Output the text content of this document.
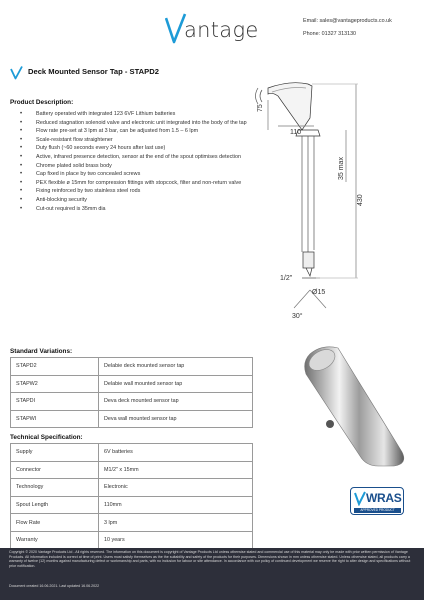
antage	Email: sales@vantageproducts.co.uk
Phone: 01327 313130
Deck Mounted Sensor Tap - STAPD2
Product Description:
• Battery operated with integrated 123 6VF Lithium batteries
• Reduced stagnation solenoid valve and electronic unit integrated into the body of the tap
• Flow rate pre-set at 3 lpm at 3 bar, can be adjusted from 1.5 – 6 lpm
• Scale-resistant flow straightener
• Duty flush (~60 seconds every 24 hours after last use)
• Active, infrared presence detection, sensor at the end of the spout optimises detection
• Chrome plated solid brass body
• Cap fixed in place by two concealed screws
• PEX flexible ø 15mm for compression fittings with stopcock, filter and non-return valve
• Fixing reinforced by two stainless steel rods
• Anti-blocking security
• Cut-out required is 35mm dia
75
110
35 max
430
1/2"
Ø15
30°
Standard Variations:
STAPD2	Delabie deck mounted sensor tap
STAPW2	Delabie wall mounted sensor tap
STAPDI	Deva deck mounted sensor tap
STAPWI	Deva wall mounted sensor tap
Technical Specification:
Supply	6V batteries
Connector	M1/2" x 15mm
Technology	Electronic
Spout Length	110mm
Flow Rate	3 lpm
Warranty	10 years
WRAS
APPROVED PRODUCT
Copyright © 2020 Vantage Products Ltd - All rights reserved. The information on this document is copyright of Vantage Products Ltd unless otherwise stated and commercial use of this material may only be made with prior written permission of Vantage Products. All information included is correct at time of print. Users must satisfy themselves as the the suitability and safety of the products for their purposes. Dimensions shown in mm unless otherwise stated. Unless otherwise stated, all products carry a warranty of twelve (12) months against manufacturing defect or workmanship and parts, with no inclusion for labour or site attendance. In accordance with our policy of continued development we reserve the right to alter design and specifications without prior notification.
Document created 16.06.2021. Last updated 16.06.2022
